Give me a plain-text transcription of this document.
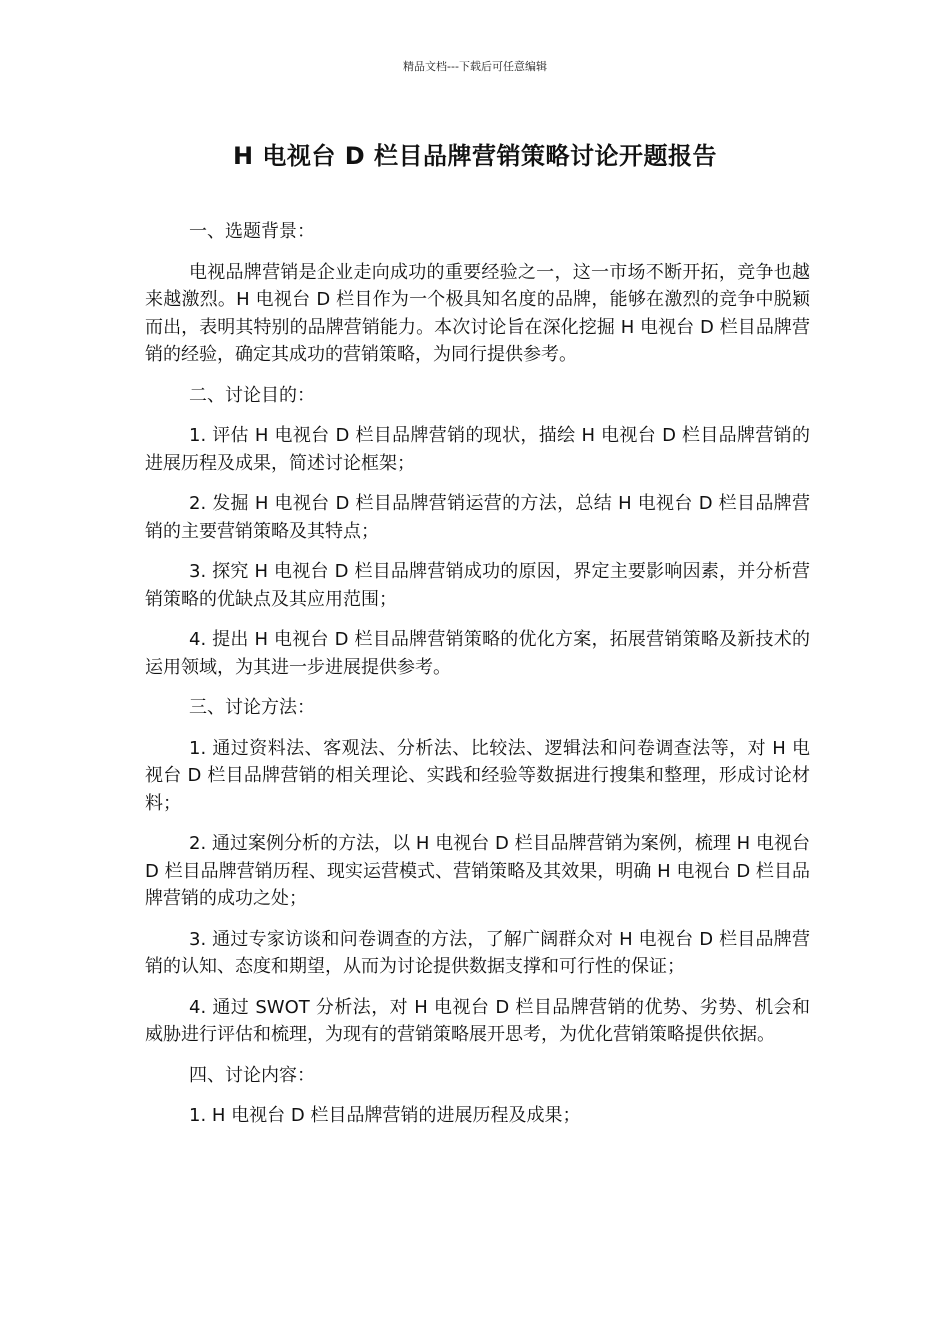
精品文档---下载后可任意编辑
H 电视台 D 栏目品牌营销策略讨论开题报告

一、选题背景：

电视品牌营销是企业走向成功的重要经验之一，这一市场不断开拓，竞争也越来越激烈。H 电视台 D 栏目作为一个极具知名度的品牌，能够在激烈的竞争中脱颖而出，表明其特别的品牌营销能力。本次讨论旨在深化挖掘 H 电视台 D 栏目品牌营销的经验，确定其成功的营销策略，为同行提供参考。

二、讨论目的：

1. 评估 H 电视台 D 栏目品牌营销的现状，描绘 H 电视台 D 栏目品牌营销的进展历程及成果，简述讨论框架；

2. 发掘 H 电视台 D 栏目品牌营销运营的方法，总结 H 电视台 D 栏目品牌营销的主要营销策略及其特点；

3. 探究 H 电视台 D 栏目品牌营销成功的原因，界定主要影响因素，并分析营销策略的优缺点及其应用范围；

4. 提出 H 电视台 D 栏目品牌营销策略的优化方案，拓展营销策略及新技术的运用领域，为其进一步进展提供参考。

三、讨论方法：

1. 通过资料法、客观法、分析法、比较法、逻辑法和问卷调查法等，对 H 电视台 D 栏目品牌营销的相关理论、实践和经验等数据进行搜集和整理，形成讨论材料；

2. 通过案例分析的方法，以 H 电视台 D 栏目品牌营销为案例，梳理 H 电视台 D 栏目品牌营销历程、现实运营模式、营销策略及其效果，明确 H 电视台 D 栏目品牌营销的成功之处；

3. 通过专家访谈和问卷调查的方法，了解广阔群众对 H 电视台 D 栏目品牌营销的认知、态度和期望，从而为讨论提供数据支撑和可行性的保证；

4. 通过 SWOT 分析法，对 H 电视台 D 栏目品牌营销的优势、劣势、机会和威胁进行评估和梳理，为现有的营销策略展开思考，为优化营销策略提供依据。

四、讨论内容：

1. H 电视台 D 栏目品牌营销的进展历程及成果；
